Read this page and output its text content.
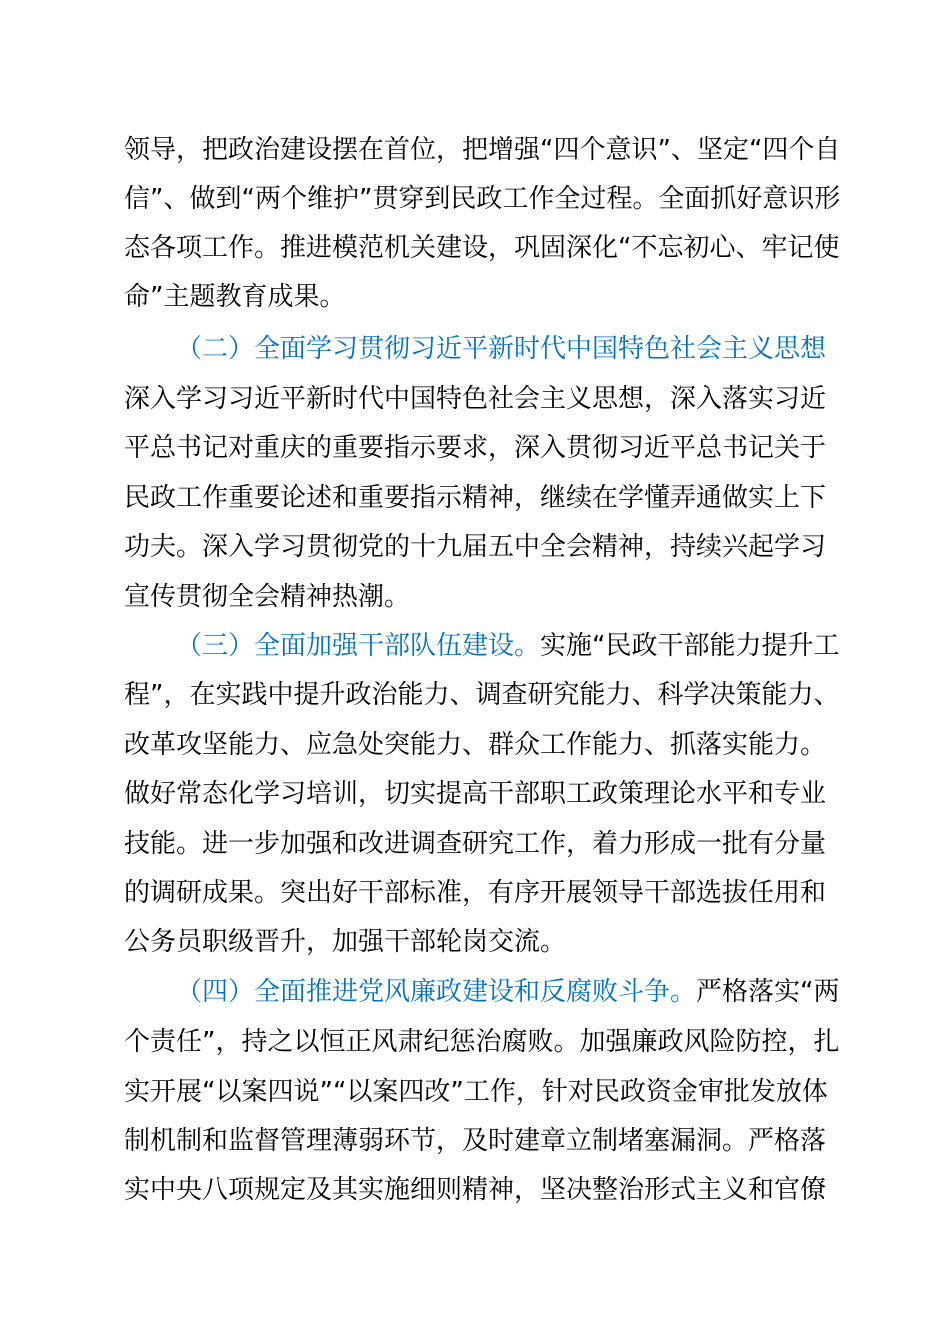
领导，把政治建设摆在首位，把增强“四个意识”、坚定“四个自
信”、做到“两个维护”贯穿到民政工作全过程。全面抓好意识形
态各项工作。推进模范机关建设，巩固深化“不忘初心、牢记使
命”主题教育成果。
（二）全面学习贯彻习近平新时代中国特色社会主义思想
深入学习习近平新时代中国特色社会主义思想，深入落实习近
平总书记对重庆的重要指示要求，深入贯彻习近平总书记关于
民政工作重要论述和重要指示精神，继续在学懂弄通做实上下
功夫。深入学习贯彻党的十九届五中全会精神，持续兴起学习
宣传贯彻全会精神热潮。
（三）全面加强干部队伍建设。实施“民政干部能力提升工
程”，在实践中提升政治能力、调查研究能力、科学决策能力、
改革攻坚能力、应急处突能力、群众工作能力、抓落实能力。
做好常态化学习培训，切实提高干部职工政策理论水平和专业
技能。进一步加强和改进调查研究工作，着力形成一批有分量
的调研成果。突出好干部标准，有序开展领导干部选拔任用和
公务员职级晋升，加强干部轮岗交流。
（四）全面推进党风廉政建设和反腐败斗争。严格落实“两
个责任”，持之以恒正风肃纪惩治腐败。加强廉政风险防控，扎
实开展“以案四说”“以案四改”工作，针对民政资金审批发放体
制机制和监督管理薄弱环节，及时建章立制堵塞漏洞。严格落
实中央八项规定及其实施细则精神，坚决整治形式主义和官僚
